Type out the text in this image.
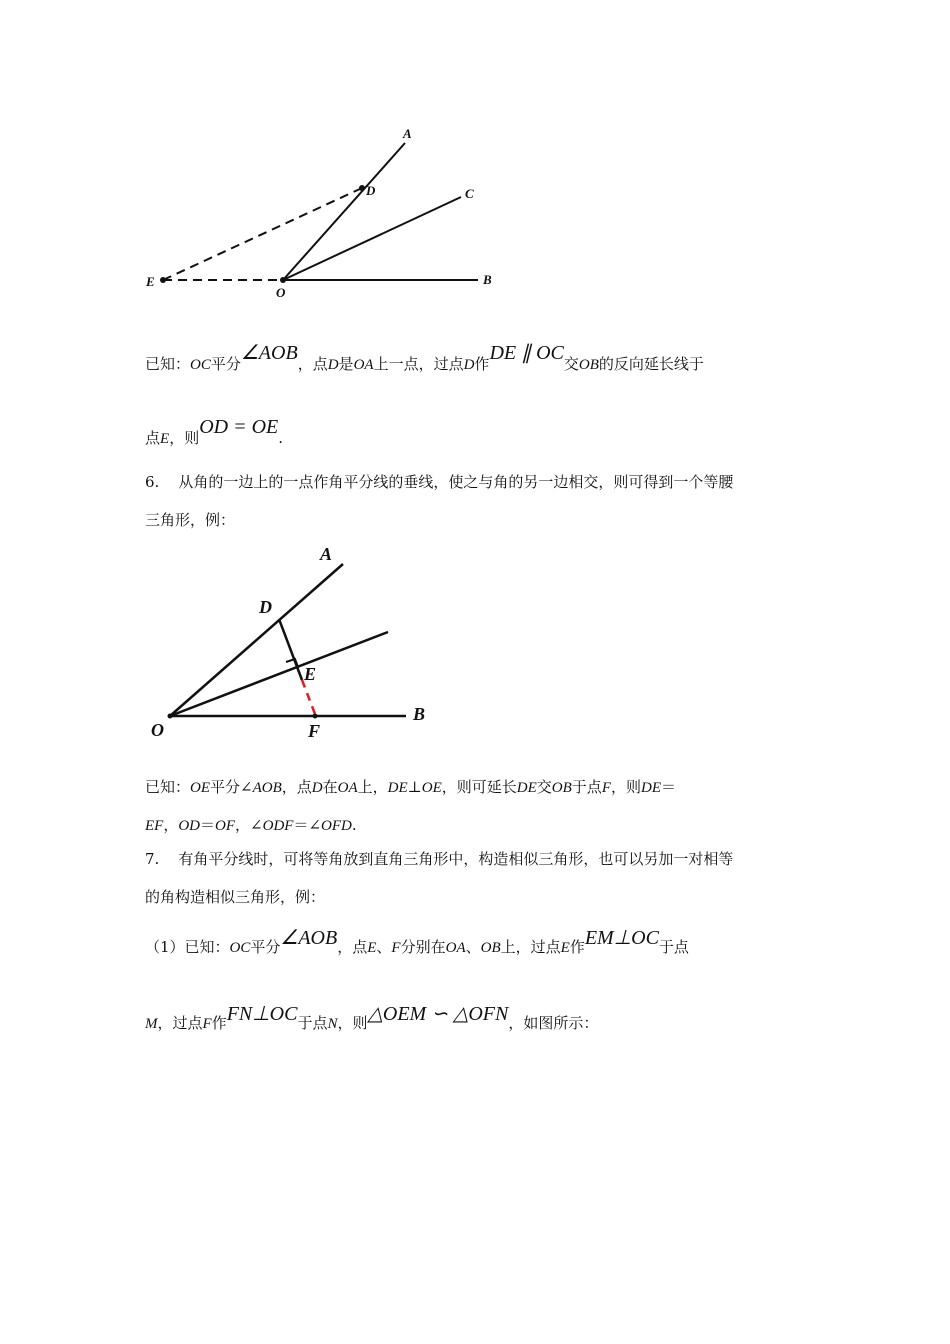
A
D	C
E
O
B
已知：OC平分∠AOB，点D是OA上一点，过点D作DE ∥ OC交OB的反向延长线于
点E，则OD = OE.
6. 从角的一边上的一点作角平分线的垂线，使之与角的另一边相交，则可得到一个等腰
三角形，例：
A
D
E
O	F
B
已知：OE平分∠AOB，点D在OA上，DE⊥OE，则可延长DE交OB于点F，则DE＝
EF，OD＝OF，∠ODF＝∠OFD.
7. 有角平分线时，可将等角放到直角三角形中，构造相似三角形，也可以另加一对相等
的角构造相似三角形，例：
（1）已知：OC平分∠AOB，点E、F分别在OA、OB上，过点E作EM⊥OC于点
M，过点F作FN⊥OC于点N，则△OEM ∽ △OFN，如图所示：
